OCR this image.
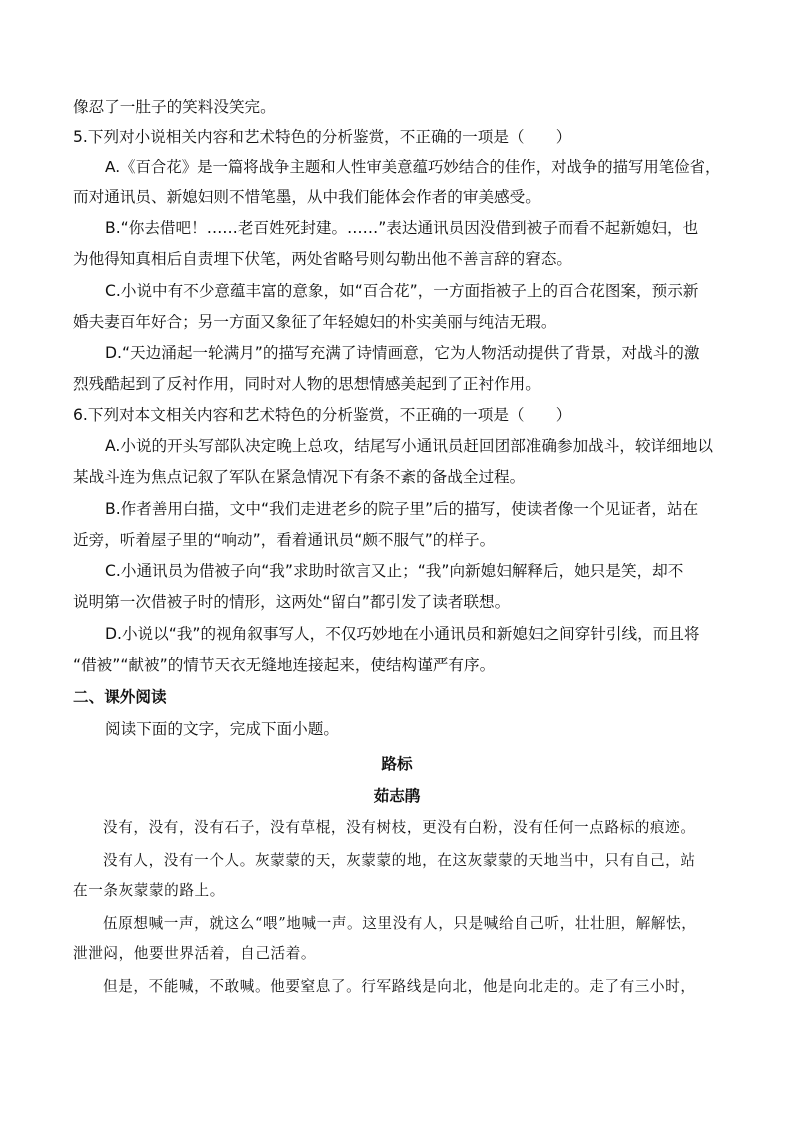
像忍了一肚子的笑料没笑完。
5.下列对小说相关内容和艺术特色的分析鉴赏，不正确的一项是（　　）
A.《百合花》是一篇将战争主题和人性审美意蕴巧妙结合的佳作，对战争的描写用笔俭省，
而对通讯员、新媳妇则不惜笔墨，从中我们能体会作者的审美感受。
B.“你去借吧！……老百姓死封建。……”表达通讯员因没借到被子而看不起新媳妇，也
为他得知真相后自责埋下伏笔，两处省略号则勾勒出他不善言辞的窘态。
C.小说中有不少意蕴丰富的意象，如“百合花”，一方面指被子上的百合花图案，预示新
婚夫妻百年好合；另一方面又象征了年轻媳妇的朴实美丽与纯洁无瑕。
D.“天边涌起一轮满月”的描写充满了诗情画意，它为人物活动提供了背景，对战斗的激
烈残酷起到了反衬作用，同时对人物的思想情感美起到了正衬作用。
6.下列对本文相关内容和艺术特色的分析鉴赏，不正确的一项是（　　）
A.小说的开头写部队决定晚上总攻，结尾写小通讯员赶回团部准确参加战斗，较详细地以
某战斗连为焦点记叙了军队在紧急情况下有条不紊的备战全过程。
B.作者善用白描，文中“我们走进老乡的院子里”后的描写，使读者像一个见证者，站在
近旁，听着屋子里的“响动”，看着通讯员“颇不服气”的样子。
C.小通讯员为借被子向“我”求助时欲言又止；“我”向新媳妇解释后，她只是笑，却不
说明第一次借被子时的情形，这两处“留白”都引发了读者联想。
D.小说以“我”的视角叙事写人，不仅巧妙地在小通讯员和新媳妇之间穿针引线，而且将
“借被”“献被”的情节天衣无缝地连接起来，使结构谨严有序。
二、课外阅读
阅读下面的文字，完成下面小题。
路标
茹志鹃
没有，没有，没有石子，没有草棍，没有树枝，更没有白粉，没有任何一点路标的痕迹。
没有人，没有一个人。灰蒙蒙的天，灰蒙蒙的地，在这灰蒙蒙的天地当中，只有自己，站
在一条灰蒙蒙的路上。
伍原想喊一声，就这么“喂”地喊一声。这里没有人，只是喊给自己听，壮壮胆，解解怯，
泄泄闷，他要世界活着，自己活着。
但是，不能喊，不敢喊。他要窒息了。行军路线是向北，他是向北走的。走了有三小时，
